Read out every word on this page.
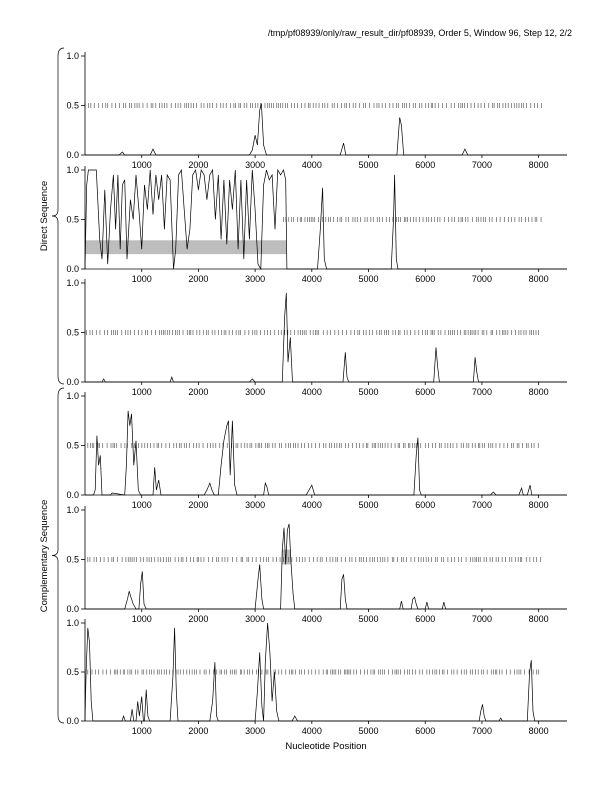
/tmp/pf08939/only/raw_result_dir/pf08939, Order 5, Window 96, Step 12, 2/2
0.0
0.5
1.0
1000	2000	3000	4000	5000	6000	7000	8000
0.0
0.5
1.0
1000	2000	3000	4000	5000	6000	7000	8000
0.0
0.5
1.0
1000	2000	3000	4000	5000	6000	7000	8000
0.0
0.5
1.0
1000	2000	3000	4000	5000	6000	7000	8000
0.0
0.5
1.0
1000	2000	3000	4000	5000	6000	7000	8000
0.0
0.5
1.0
1000	2000	3000	4000	5000	6000	7000	8000
Direct Sequence
Complementary Sequence
Nucleotide Position
